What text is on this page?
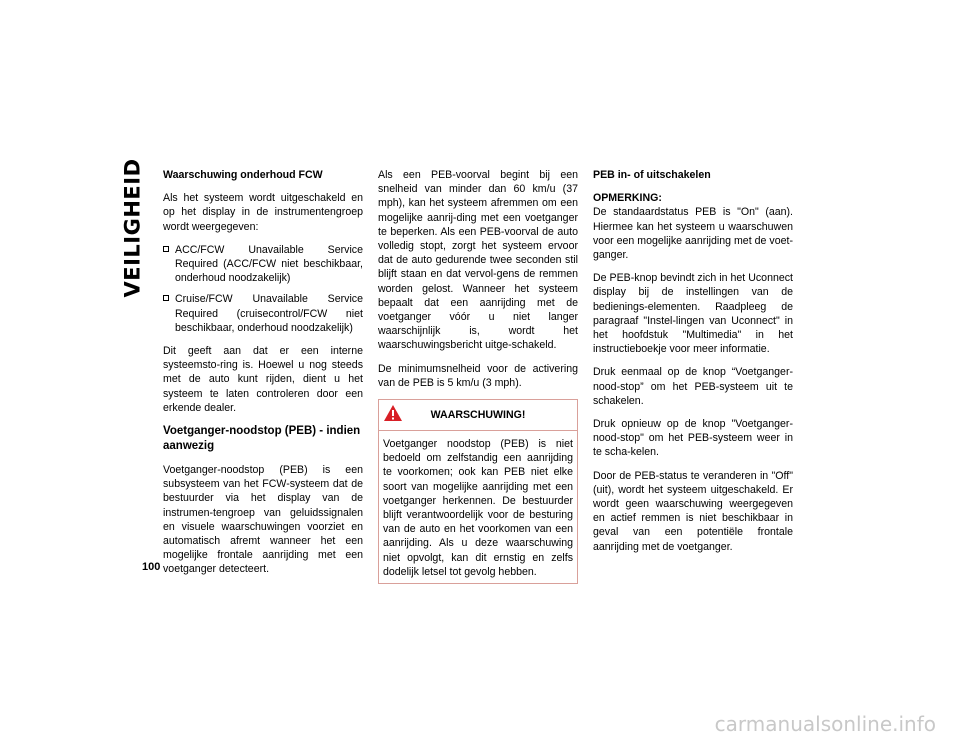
VEILIGHEID
100
Waarschuwing onderhoud FCW

Als het systeem wordt uitgeschakeld en op het display in de instrumentengroep wordt weergegeven:

ACC/FCW Unavailable Service Required (ACC/FCW niet beschikbaar, onderhoud noodzakelijk)
Cruise/FCW Unavailable Service Required (cruisecontrol/FCW niet beschikbaar, onderhoud noodzakelijk)

Dit geeft aan dat er een interne systeemsto-ring is. Hoewel u nog steeds met de auto kunt rijden, dient u het systeem te laten controleren door een erkende dealer.

Voetganger-noodstop (PEB) - indien aanwezig

Voetganger-noodstop (PEB) is een subsysteem van het FCW-systeem dat de bestuurder via het display van de instrumen-tengroep van geluidssignalen en visuele waarschuwingen voorziet en automatisch afremt wanneer het een mogelijke frontale aanrijding met een voetganger detecteert.

Als een PEB-voorval begint bij een snelheid van minder dan 60 km/u (37 mph), kan het systeem afremmen om een mogelijke aanrij-ding met een voetganger te beperken. Als een PEB-voorval de auto volledig stopt, zorgt het systeem ervoor dat de auto gedurende twee seconden stil blijft staan en dat vervol-gens de remmen worden gelost. Wanneer het systeem bepaalt dat een aanrijding met de voetganger vóór u niet langer waarschijnlijk is, wordt het waarschuwingsbericht uitge-schakeld.

De minimumsnelheid voor de activering van de PEB is 5 km/u (3 mph).

WAARSCHUWING!

Voetganger noodstop (PEB) is niet bedoeld om zelfstandig een aanrijding te voorkomen; ook kan PEB niet elke soort van mogelijke aanrijding met een voetganger herkennen. De bestuurder blijft verantwoordelijk voor de besturing van de auto en het voorkomen van een aanrijding. Als u deze waarschuwing niet opvolgt, kan dit ernstig en zelfs dodelijk letsel tot gevolg hebben.

PEB in- of uitschakelen

OPMERKING:
De standaardstatus PEB is "On" (aan). Hiermee kan het systeem u waarschuwen voor een mogelijke aanrijding met de voet-ganger.

De PEB-knop bevindt zich in het Uconnect display bij de instellingen van de bedienings-elementen. Raadpleeg de paragraaf "Instel-lingen van Uconnect" in het hoofdstuk "Multimedia" in het instructieboekje voor meer informatie.

Druk eenmaal op de knop “Voetganger-nood-stop” om het PEB-systeem uit te schakelen.

Druk opnieuw op de knop "Voetganger-nood-stop" om het PEB-systeem weer in te scha-kelen.

Door de PEB-status te veranderen in "Off" (uit), wordt het systeem uitgeschakeld. Er wordt geen waarschuwing weergegeven en actief remmen is niet beschikbaar in geval van een potentiële frontale aanrijding met de voetganger.

carmanualsonline.info
